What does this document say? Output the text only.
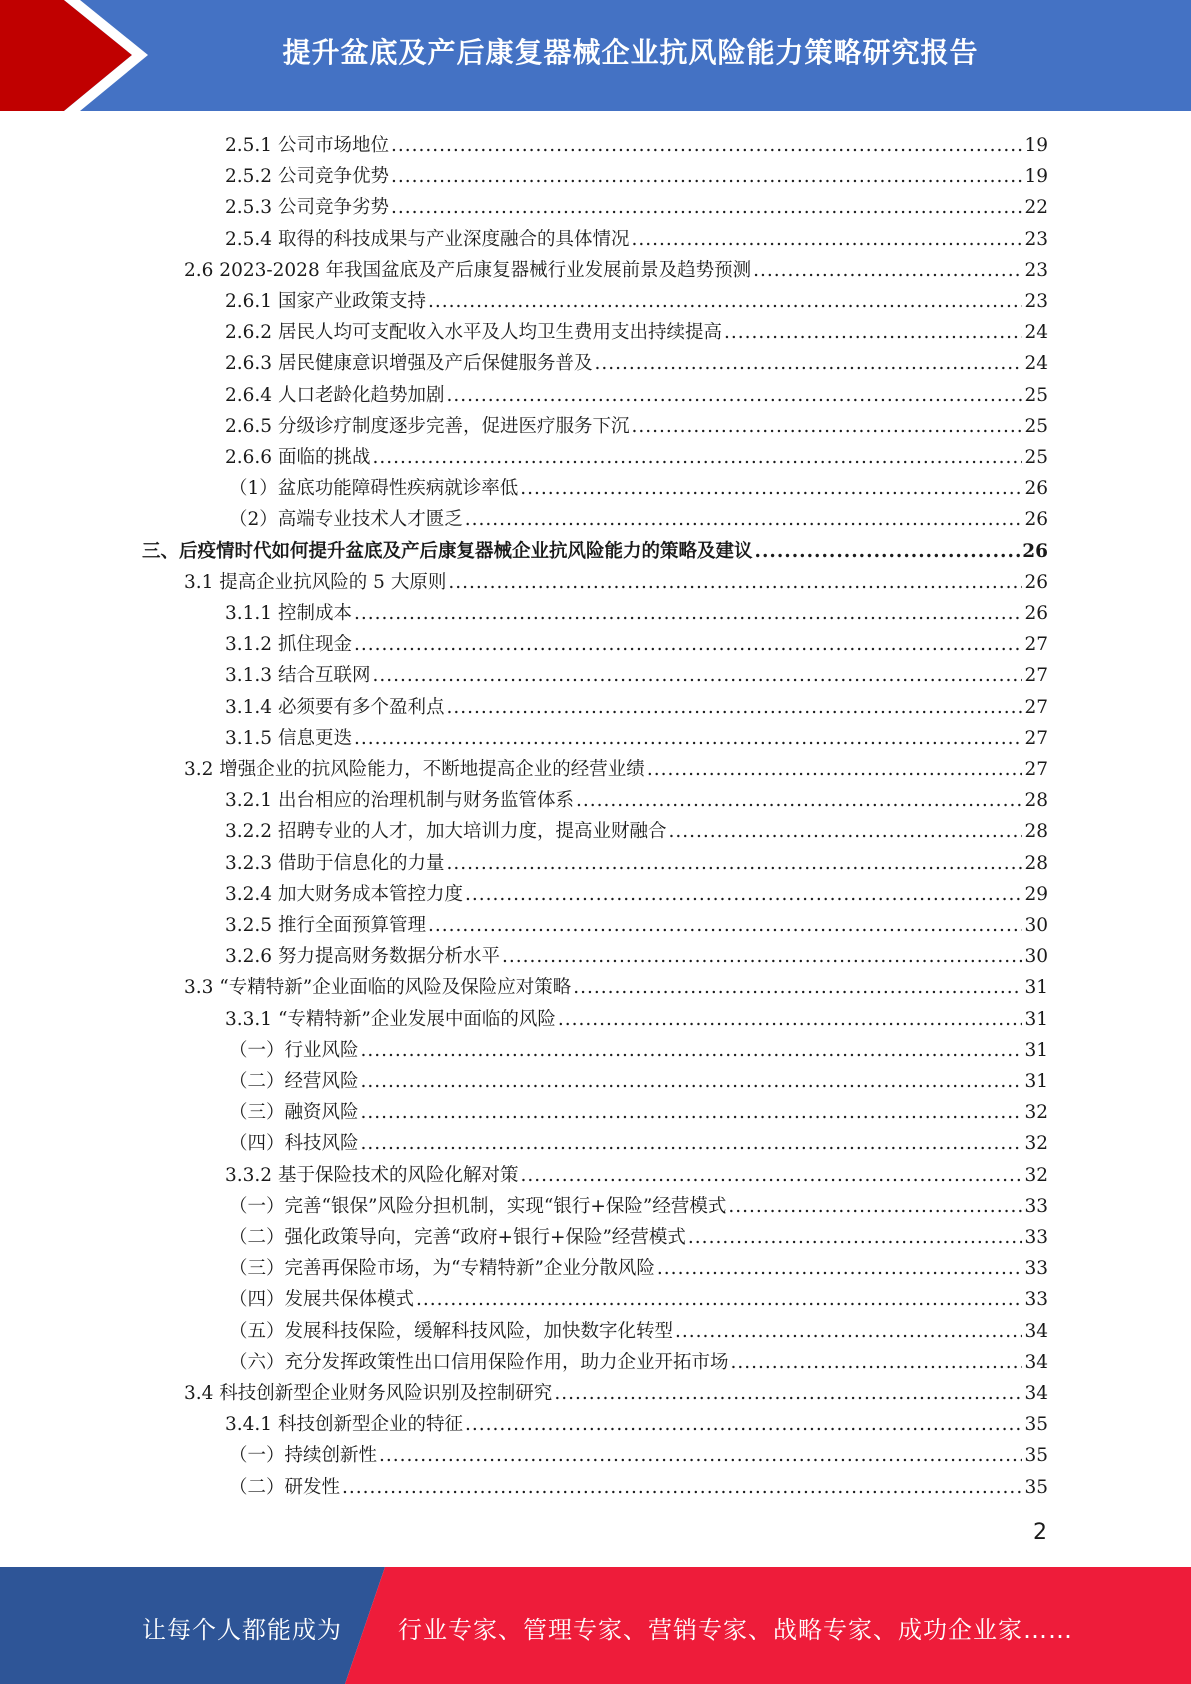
提升盆底及产后康复器械企业抗风险能力策略研究报告
2.5.1 公司市场地位 .....	19
2.5.2 公司竞争优势 .....	19
2.5.3 公司竞争劣势 .....	22
2.5.4 取得的科技成果与产业深度融合的具体情况 .....	23
2.6 2023-2028 年我国盆底及产后康复器械行业发展前景及趋势预测 .....	23
2.6.1 国家产业政策支持 .....	23
2.6.2 居民人均可支配收入水平及人均卫生费用支出持续提高 .....	24
2.6.3 居民健康意识增强及产后保健服务普及 .....	24
2.6.4 人口老龄化趋势加剧 .....	25
2.6.5 分级诊疗制度逐步完善，促进医疗服务下沉 .....	25
2.6.6 面临的挑战 .....	25
（1）盆底功能障碍性疾病就诊率低 .....	26
（2）高端专业技术人才匮乏 .....	26
三、后疫情时代如何提升盆底及产后康复器械企业抗风险能力的策略及建议 .....	26
3.1 提高企业抗风险的 5 大原则 .....	26
3.1.1 控制成本 .....	26
3.1.2 抓住现金 .....	27
3.1.3 结合互联网 .....	27
3.1.4 必须要有多个盈利点 .....	27
3.1.5 信息更迭 .....	27
3.2 增强企业的抗风险能力，不断地提高企业的经营业绩 .....	27
3.2.1 出台相应的治理机制与财务监管体系 .....	28
3.2.2 招聘专业的人才，加大培训力度，提高业财融合 .....	28
3.2.3 借助于信息化的力量 .....	28
3.2.4 加大财务成本管控力度 .....	29
3.2.5 推行全面预算管理 .....	30
3.2.6 努力提高财务数据分析水平 .....	30
3.3 “专精特新”企业面临的风险及保险应对策略 .....	31
3.3.1 “专精特新”企业发展中面临的风险 .....	31
（一）行业风险 .....	31
（二）经营风险 .....	31
（三）融资风险 .....	32
（四）科技风险 .....	32
3.3.2 基于保险技术的风险化解对策 .....	32
（一）完善“银保”风险分担机制，实现“银行+保险”经营模式 .....	33
（二）强化政策导向，完善“政府+银行+保险”经营模式 .....	33
（三）完善再保险市场，为“专精特新”企业分散风险 .....	33
（四）发展共保体模式 .....	33
（五）发展科技保险，缓解科技风险，加快数字化转型 .....	34
（六）充分发挥政策性出口信用保险作用，助力企业开拓市场 .....	34
3.4 科技创新型企业财务风险识别及控制研究 .....	34
3.4.1 科技创新型企业的特征 .....	35
（一）持续创新性 .....	35
（二）研发性 .....	35
2
让每个人都能成为 行业专家、管理专家、营销专家、战略专家、成功企业家……
